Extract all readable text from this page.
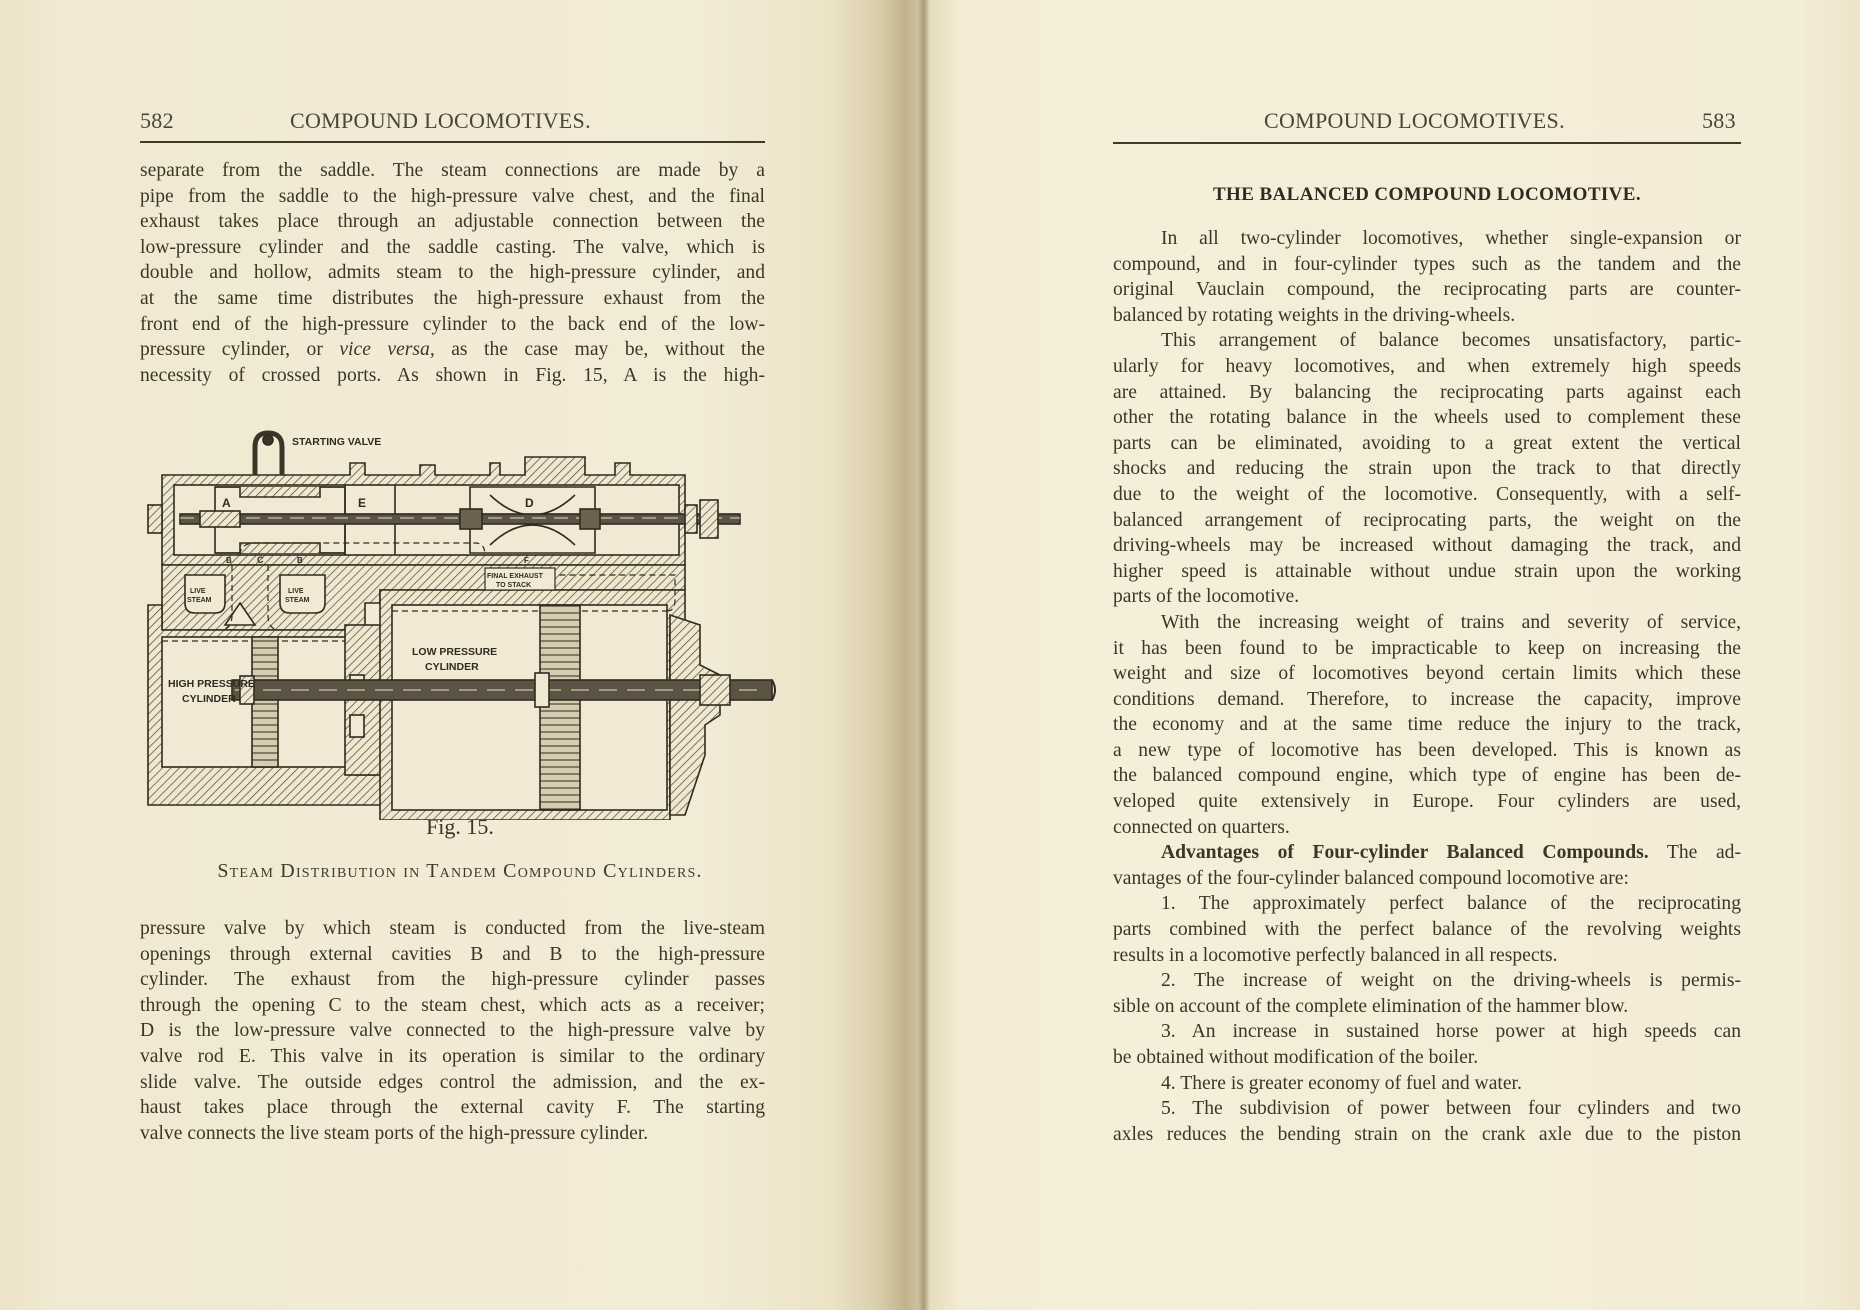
582	COMPOUND LOCOMOTIVES.
separate from the saddle. The steam connections are made by a
pipe from the saddle to the high-pressure valve chest, and the final
exhaust takes place through an adjustable connection between the
low-pressure cylinder and the saddle casting. The valve, which is
double and hollow, admits steam to the high-pressure cylinder, and
at the same time distributes the high-pressure exhaust from the
front end of the high-pressure cylinder to the back end of the low-
pressure cylinder, or vice versa, as the case may be, without the
necessity of crossed ports. As shown in Fig. 15, A is the high-
STARTING VALVE
A	E	D
B	C	B	F
LIVE
STEAM
LIVE
STEAM
FINAL EXHAUST
TO STACK
LOW PRESSURE
CYLINDER
HIGH PRESSURE
CYLINDER
Fig. 15.
Steam Distribution in Tandem Compound Cylinders.
pressure valve by which steam is conducted from the live-steam
openings through external cavities B and B to the high-pressure
cylinder. The exhaust from the high-pressure cylinder passes
through the opening C to the steam chest, which acts as a receiver;
D is the low-pressure valve connected to the high-pressure valve by
valve rod E. This valve in its operation is similar to the ordinary
slide valve. The outside edges control the admission, and the ex-
haust takes place through the external cavity F. The starting
valve connects the live steam ports of the high-pressure cylinder.
COMPOUND LOCOMOTIVES.	583
THE BALANCED COMPOUND LOCOMOTIVE.
In all two-cylinder locomotives, whether single-expansion or
compound, and in four-cylinder types such as the tandem and the
original Vauclain compound, the reciprocating parts are counter-
balanced by rotating weights in the driving-wheels.
This arrangement of balance becomes unsatisfactory, partic-
ularly for heavy locomotives, and when extremely high speeds
are attained. By balancing the reciprocating parts against each
other the rotating balance in the wheels used to complement these
parts can be eliminated, avoiding to a great extent the vertical
shocks and reducing the strain upon the track to that directly
due to the weight of the locomotive. Consequently, with a self-
balanced arrangement of reciprocating parts, the weight on the
driving-wheels may be increased without damaging the track, and
higher speed is attainable without undue strain upon the working
parts of the locomotive.
With the increasing weight of trains and severity of service,
it has been found to be impracticable to keep on increasing the
weight and size of locomotives beyond certain limits which these
conditions demand. Therefore, to increase the capacity, improve
the economy and at the same time reduce the injury to the track,
a new type of locomotive has been developed. This is known as
the balanced compound engine, which type of engine has been de-
veloped quite extensively in Europe. Four cylinders are used,
connected on quarters.
Advantages of Four-cylinder Balanced Compounds. The ad-
vantages of the four-cylinder balanced compound locomotive are:
1. The approximately perfect balance of the reciprocating
parts combined with the perfect balance of the revolving weights
results in a locomotive perfectly balanced in all respects.
2. The increase of weight on the driving-wheels is permis-
sible on account of the complete elimination of the hammer blow.
3. An increase in sustained horse power at high speeds can
be obtained without modification of the boiler.
4. There is greater economy of fuel and water.
5. The subdivision of power between four cylinders and two
axles reduces the bending strain on the crank axle due to the piston
